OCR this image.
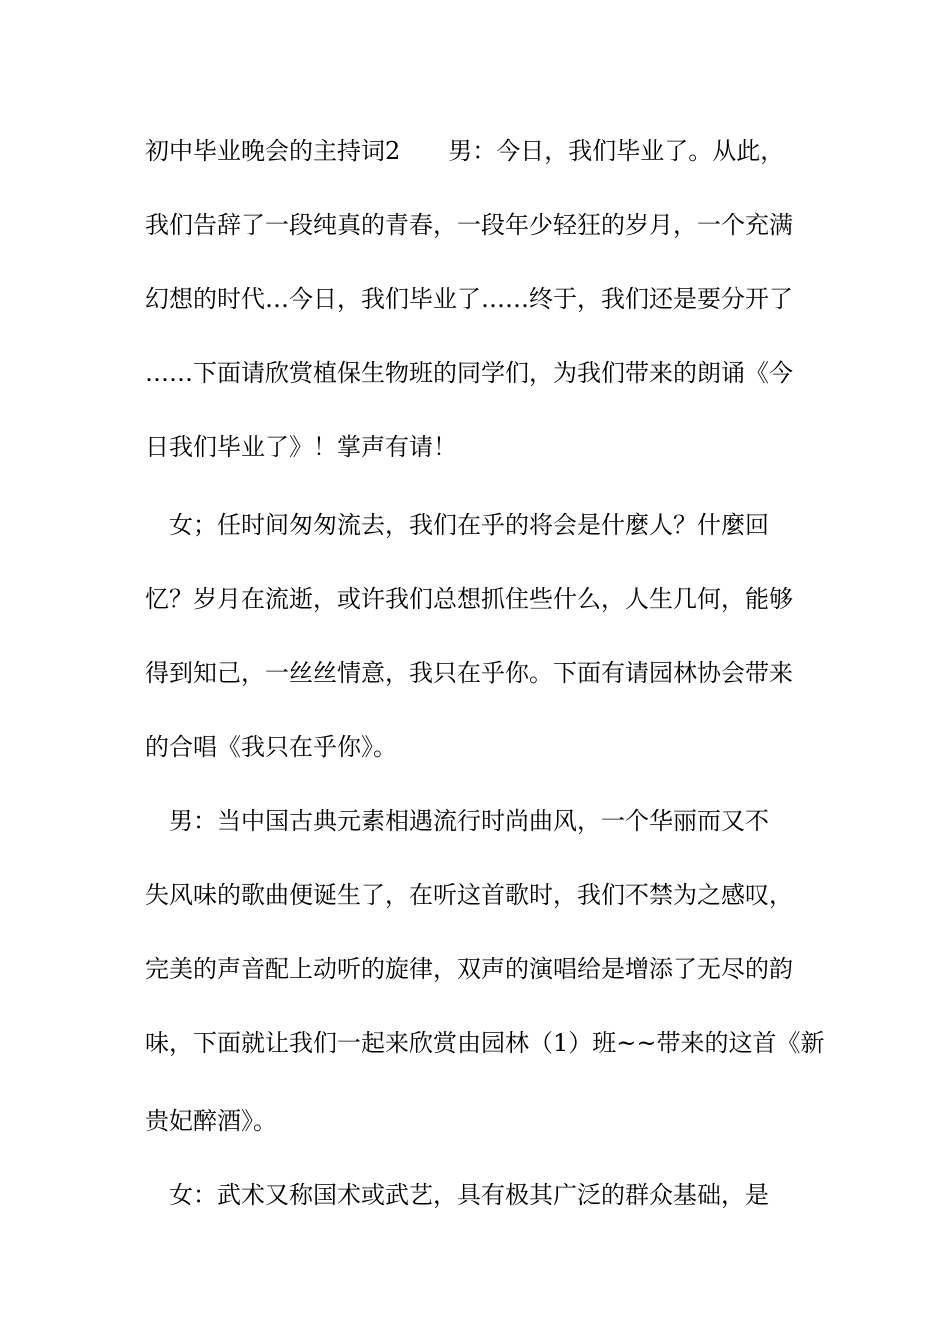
初中毕业晚会的主持词2　　男：今日，我们毕业了。从此，
我们告辞了一段纯真的青春，一段年少轻狂的岁月，一个充满
幻想的时代…今日，我们毕业了……终于，我们还是要分开了
……下面请欣赏植保生物班的同学们，为我们带来的朗诵《今
日我们毕业了》！掌声有请！
　女；任时间匆匆流去，我们在乎的将会是什麼人？什麼回
忆？岁月在流逝，或许我们总想抓住些什么，人生几何，能够
得到知己，一丝丝情意，我只在乎你。下面有请园林协会带来
的合唱《我只在乎你》。
　男：当中国古典元素相遇流行时尚曲风，一个华丽而又不
失风味的歌曲便诞生了，在听这首歌时，我们不禁为之感叹，
完美的声音配上动听的旋律，双声的演唱给是增添了无尽的韵
味，下面就让我们一起来欣赏由园林（1）班~~带来的这首《新
贵妃醉酒》。
　女：武术又称国术或武艺，具有极其广泛的群众基础，是
